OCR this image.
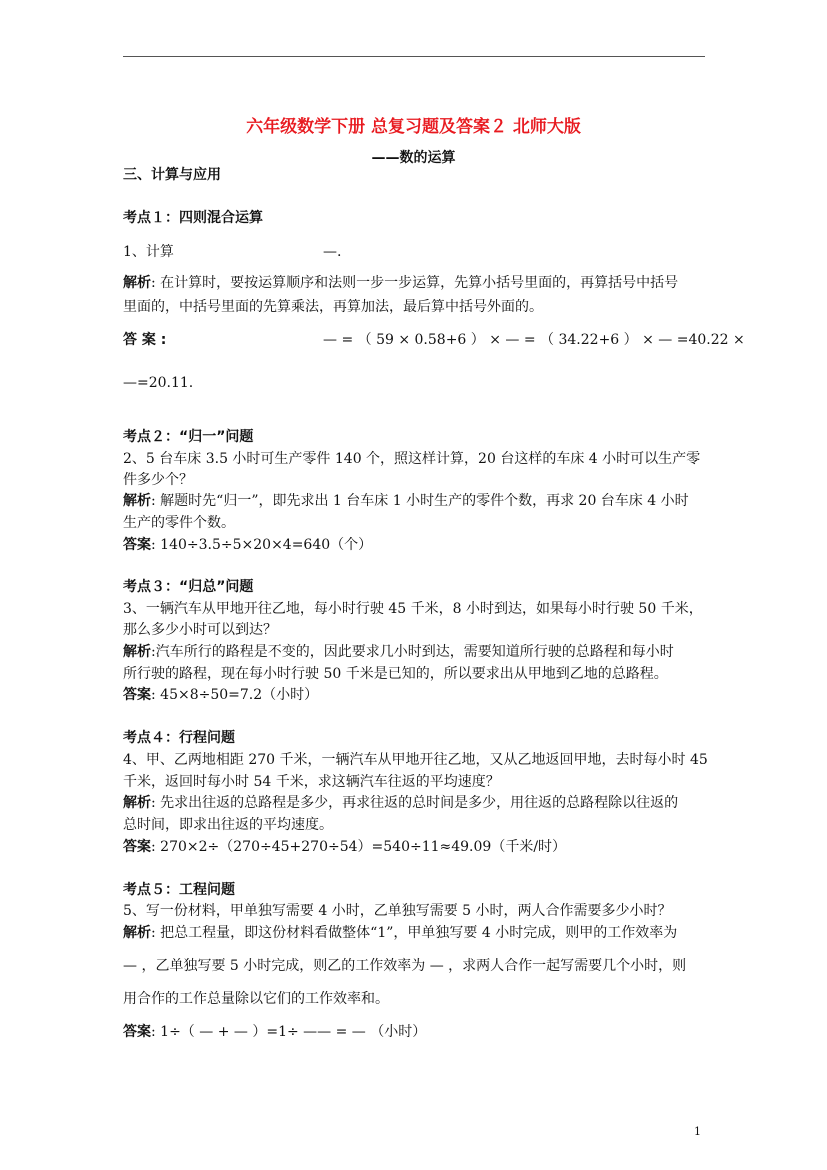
六年级数学下册 总复习题及答案２ 北师大版
——数的运算
三、计算与应用
考点１：四则混合运算
1、计算	—.
解析: 在计算时，要按运算顺序和法则一步一步运算，先算小括号里面的，再算括号中括号
里面的，中括号里面的先算乘法，再算加法，最后算中括号外面的。
答 案 :	— = （ 59 × 0.58+6 ） × — = （ 34.22+6 ） × — =40.22 ×
—=20.11.
考点２：“归一”问题
2、5 台车床 3.5 小时可生产零件 140 个，照这样计算，20 台这样的车床 4 小时可以生产零
件多少个？
解析: 解题时先“归一”，即先求出 1 台车床 1 小时生产的零件个数，再求 20 台车床 4 小时
生产的零件个数。
答案: 140÷3.5÷5×20×4=640（个）
考点３：“归总”问题
3、一辆汽车从甲地开往乙地，每小时行驶 45 千米，8 小时到达，如果每小时行驶 50 千米，
那么多少小时可以到达？
解析:汽车所行的路程是不变的，因此要求几小时到达，需要知道所行驶的总路程和每小时
所行驶的路程，现在每小时行驶 50 千米是已知的，所以要求出从甲地到乙地的总路程。
答案: 45×8÷50=7.2（小时）
考点４：行程问题
4、甲、乙两地相距 270 千米，一辆汽车从甲地开往乙地，又从乙地返回甲地，去时每小时 45
千米，返回时每小时 54 千米，求这辆汽车往返的平均速度？
解析: 先求出往返的总路程是多少，再求往返的总时间是多少，用往返的总路程除以往返的
总时间，即求出往返的平均速度。
答案: 270×2÷（270÷45+270÷54）=540÷11≈49.09（千米/时）
考点５：工程问题
5、写一份材料，甲单独写需要 4 小时，乙单独写需要 5 小时，两人合作需要多少小时？
解析: 把总工程量，即这份材料看做整体“1”，甲单独写要 4 小时完成，则甲的工作效率为
— ，乙单独写要 5 小时完成，则乙的工作效率为 — ，求两人合作一起写需要几个小时，则
用合作的工作总量除以它们的工作效率和。
答案: 1÷（ — + — ）=1÷ —— = — （小时）
1
